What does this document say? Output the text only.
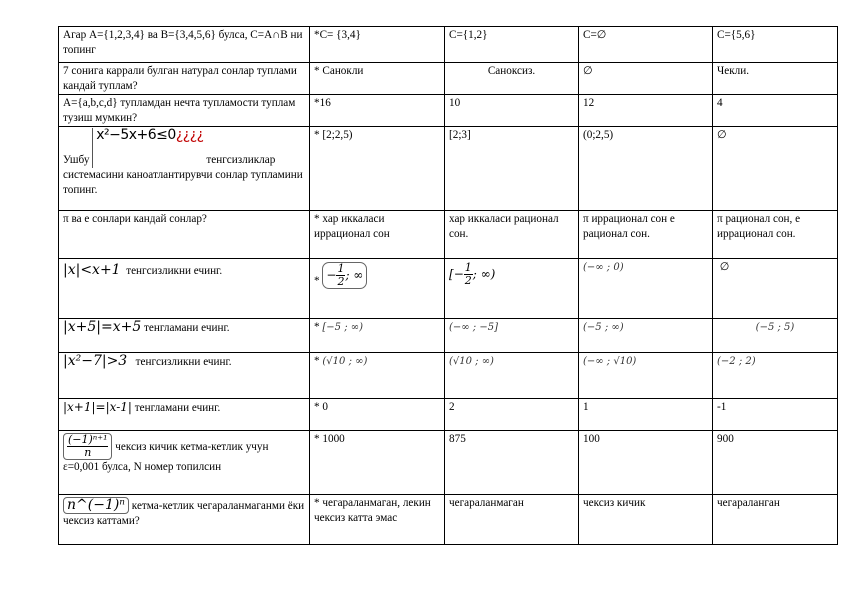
Агар A={1,2,3,4} ва B={3,4,5,6} булса, C=A∩B ни топинг	*C= {3,4}	C={1,2}	C=∅	C={5,6}
7 сонига каррали булган натурал сонлар туплами кандай туплам?	* Санокли	Саноксиз.	∅	Чекли.
A={a,b,c,d} тупламдан нечта тупламости туплам тузиш мумкин?	*16	10	12	4
Ушбу x²−5x+6≤0¿¿¿¿ тенгсизликлар системасини каноатлантирувчи сонлар тупламини топинг.	* [2;2,5)	[2;3]	(0;2,5)	∅
π ва е сонлари кандай сонлар?	* хар иккаласи иррационал сон	хар иккаласи рационал сон.	π иррационал сон е рационал сон.	π рационал сон, е иррационал сон.
|x|<x+1 тенгсизликни ечинг.	* − $\frac{1}{2}$ ; ∞	[− $\frac{1}{2}$ ; ∞)	(−∞ ; 0)	∅
|x+5|=x+5 тенгламани ечинг.	* [−5 ; ∞)	(−∞ ; −5]	(−5 ; ∞)	(−5 ; 5)
|x²−7|>3 тенгсизликни ечинг.	* (√10 ; ∞)	(√10 ; ∞)	(−∞ ; √10)	(−2 ; 2)
|x+1|=|x-1| тенгламани ечинг.	* 0	2	1	-1

$\frac{\text{(−1)ⁿ⁺¹}}{n}$ чексиз кичик кетма-кетлик учун ε=0,001 булса, N номер топилсин	* 1000	875	100	900
n^(−1)ⁿ кетма-кетлик чегараланмаганми ёки чексиз каттами?	* чегараланмаган, лекин чексиз катта эмас	чегараланмаган	чексиз кичик	чегараланган
